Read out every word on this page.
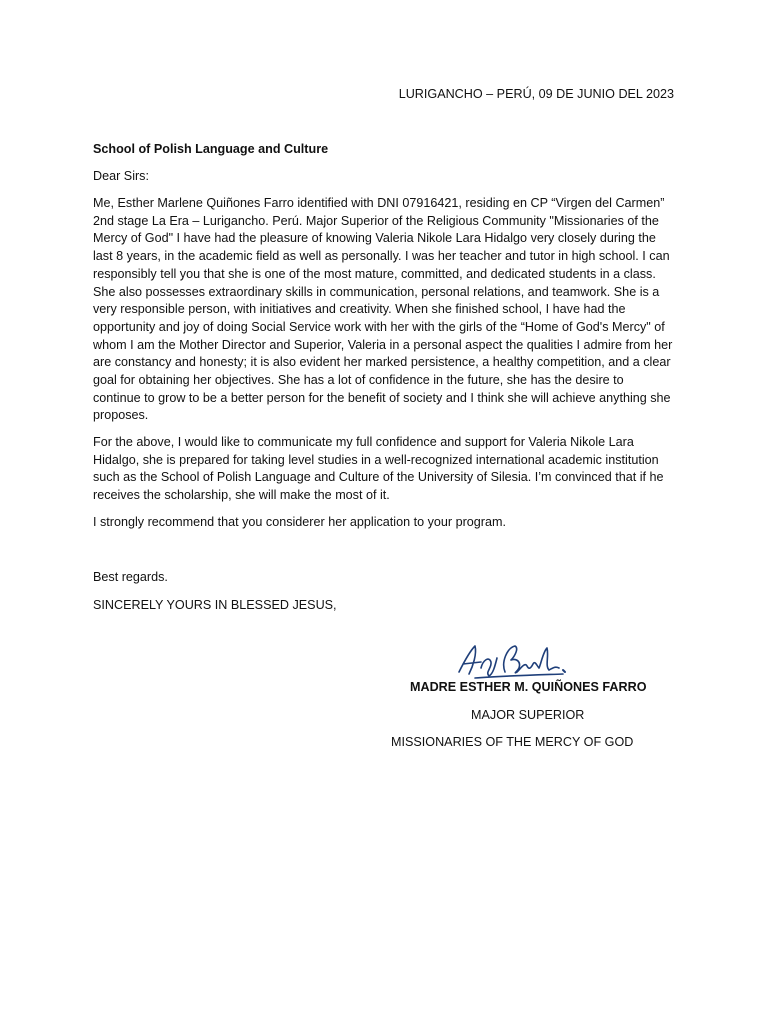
LURIGANCHO – PERÚ, 09 DE JUNIO DEL 2023
School of Polish Language and Culture
Dear Sirs:
Me, Esther Marlene Quiñones Farro identified with DNI 07916421, residing en CP “Virgen del Carmen” 2nd stage La Era – Lurigancho. Perú. Major Superior of the Religious Community "Missionaries of the Mercy of God" I have had the pleasure of knowing Valeria Nikole Lara Hidalgo very closely during the last 8 years, in the academic field as well as personally. I was her teacher and tutor in high school. I can responsibly tell you that she is one of the most mature, committed, and dedicated students in a class. She also possesses extraordinary skills in communication, personal relations, and teamwork. She is a very responsible person, with initiatives and creativity. When she finished school, I have had the opportunity and joy of doing Social Service work with her with the girls of the “Home of God's Mercy" of whom I am the Mother Director and Superior, Valeria in a personal aspect the qualities I admire from her are constancy and honesty; it is also evident her marked persistence, a healthy competition, and a clear goal for obtaining her objectives. She has a lot of confidence in the future, she has the desire to continue to grow to be a better person for the benefit of society and I think she will achieve anything she proposes.
For the above, I would like to communicate my full confidence and support for Valeria Nikole Lara Hidalgo, she is prepared for taking level studies in a well-recognized international academic institution such as the School of Polish Language and Culture of the University of Silesia. I’m convinced that if he receives the scholarship, she will make the most of it.
I strongly recommend that you considerer her application to your program.
Best regards.
SINCERELY YOURS IN BLESSED JESUS,
MADRE ESTHER M. QUIÑONES FARRO
MAJOR SUPERIOR
MISSIONARIES OF THE MERCY OF GOD
